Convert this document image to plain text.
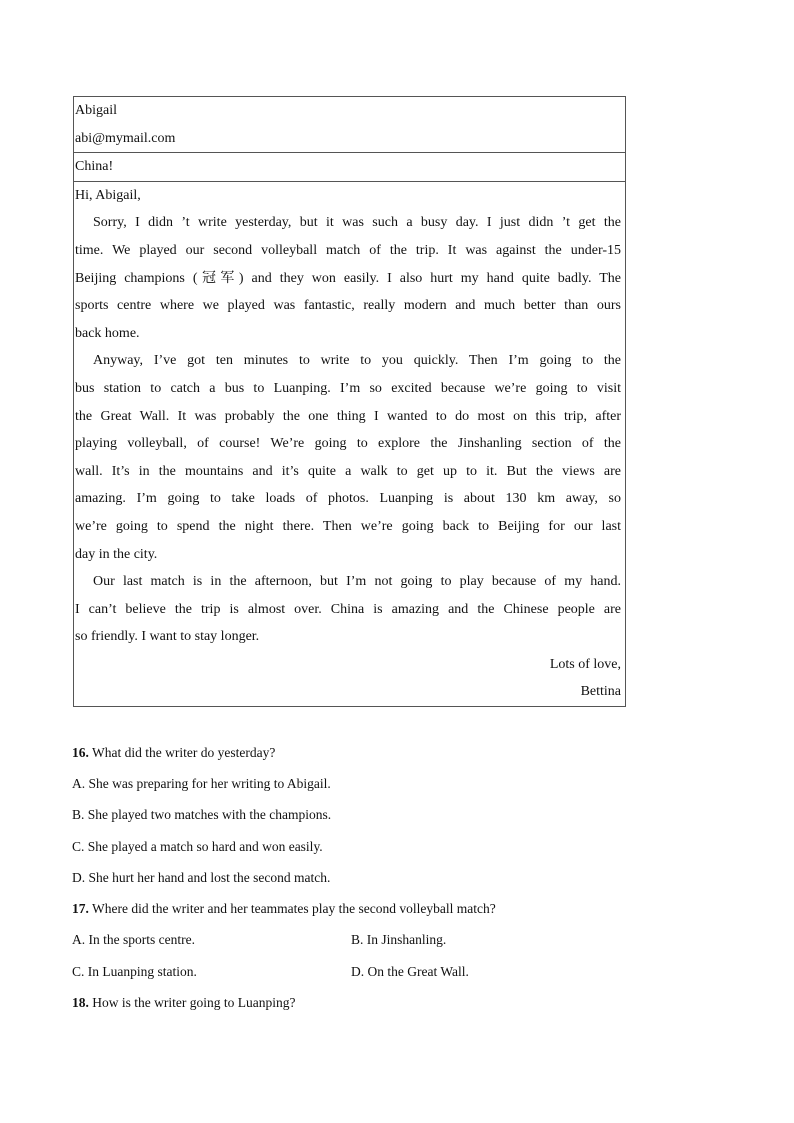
Abigail
abi@mymail.com
China!
Hi, Abigail,
Sorry, I didn ’t write yesterday, but it was such a busy day. I just didn ’t get the
time. We played our second volleyball match of the trip. It was against the under-15
Beijing champions (冠军) and they won easily. I also hurt my hand quite badly. The
sports centre where we played was fantastic, really modern and much better than ours
back home.
Anyway, I’ve got ten minutes to write to you quickly. Then I’m going to the
bus station to catch a bus to Luanping. I’m so excited because we’re going to visit
the Great Wall. It was probably the one thing I wanted to do most on this trip, after
playing volleyball, of course! We’re going to explore the Jinshanling section of the
wall. It’s in the mountains and it’s quite a walk to get up to it. But the views are
amazing. I’m going to take loads of photos. Luanping is about 130 km away, so
we’re going to spend the night there. Then we’re going back to Beijing for our last
day in the city.
Our last match is in the afternoon, but I’m not going to play because of my hand.
I can’t believe the trip is almost over. China is amazing and the Chinese people are
so friendly. I want to stay longer.
Lots of love,
Bettina
16. What did the writer do yesterday?
A. She was preparing for her writing to Abigail.
B. She played two matches with the champions.
C. She played a match so hard and won easily.
D. She hurt her hand and lost the second match.
17. Where did the writer and her teammates play the second volleyball match?
A. In the sports centre.	B. In Jinshanling.
C. In Luanping station.	D. On the Great Wall.
18. How is the writer going to Luanping?
